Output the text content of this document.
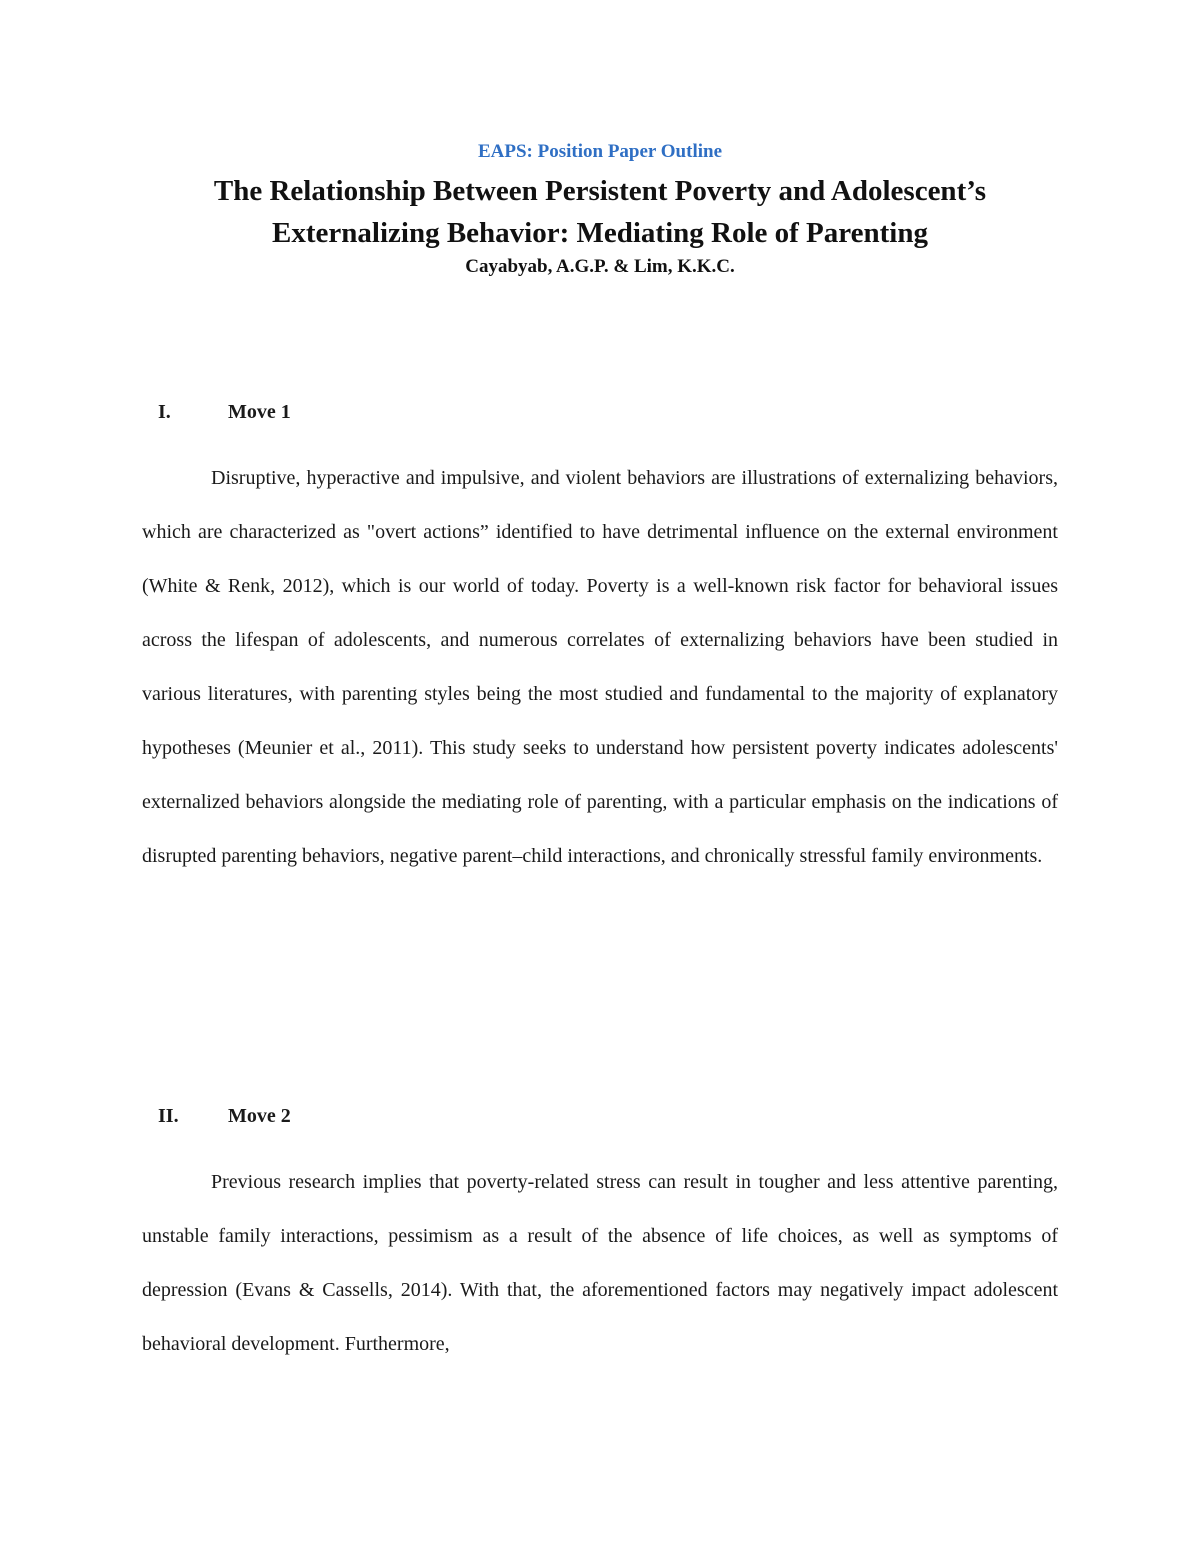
EAPS: Position Paper Outline
The Relationship Between Persistent Poverty and Adolescent’s
Externalizing Behavior: Mediating Role of Parenting
Cayabyab, A.G.P. & Lim, K.K.C.
I.	Move 1

Disruptive, hyperactive and impulsive, and violent behaviors are illustrations of externalizing behaviors, which are characterized as "overt actions” identified to have detrimental influence on the external environment (White & Renk, 2012), which is our world of today. Poverty is a well-known risk factor for behavioral issues across the lifespan of adolescents, and numerous correlates of externalizing behaviors have been studied in various literatures, with parenting styles being the most studied and fundamental to the majority of explanatory hypotheses (Meunier et al., 2011). This study seeks to understand how persistent poverty indicates adolescents' externalized behaviors alongside the mediating role of parenting, with a particular emphasis on the indications of disrupted parenting behaviors, negative parent–child interactions, and chronically stressful family environments.

II.	Move 2

Previous research implies that poverty-related stress can result in tougher and less attentive parenting, unstable family interactions, pessimism as a result of the absence of life choices, as well as symptoms of depression (Evans & Cassells, 2014). With that, the aforementioned factors may negatively impact adolescent behavioral development. Furthermore,
